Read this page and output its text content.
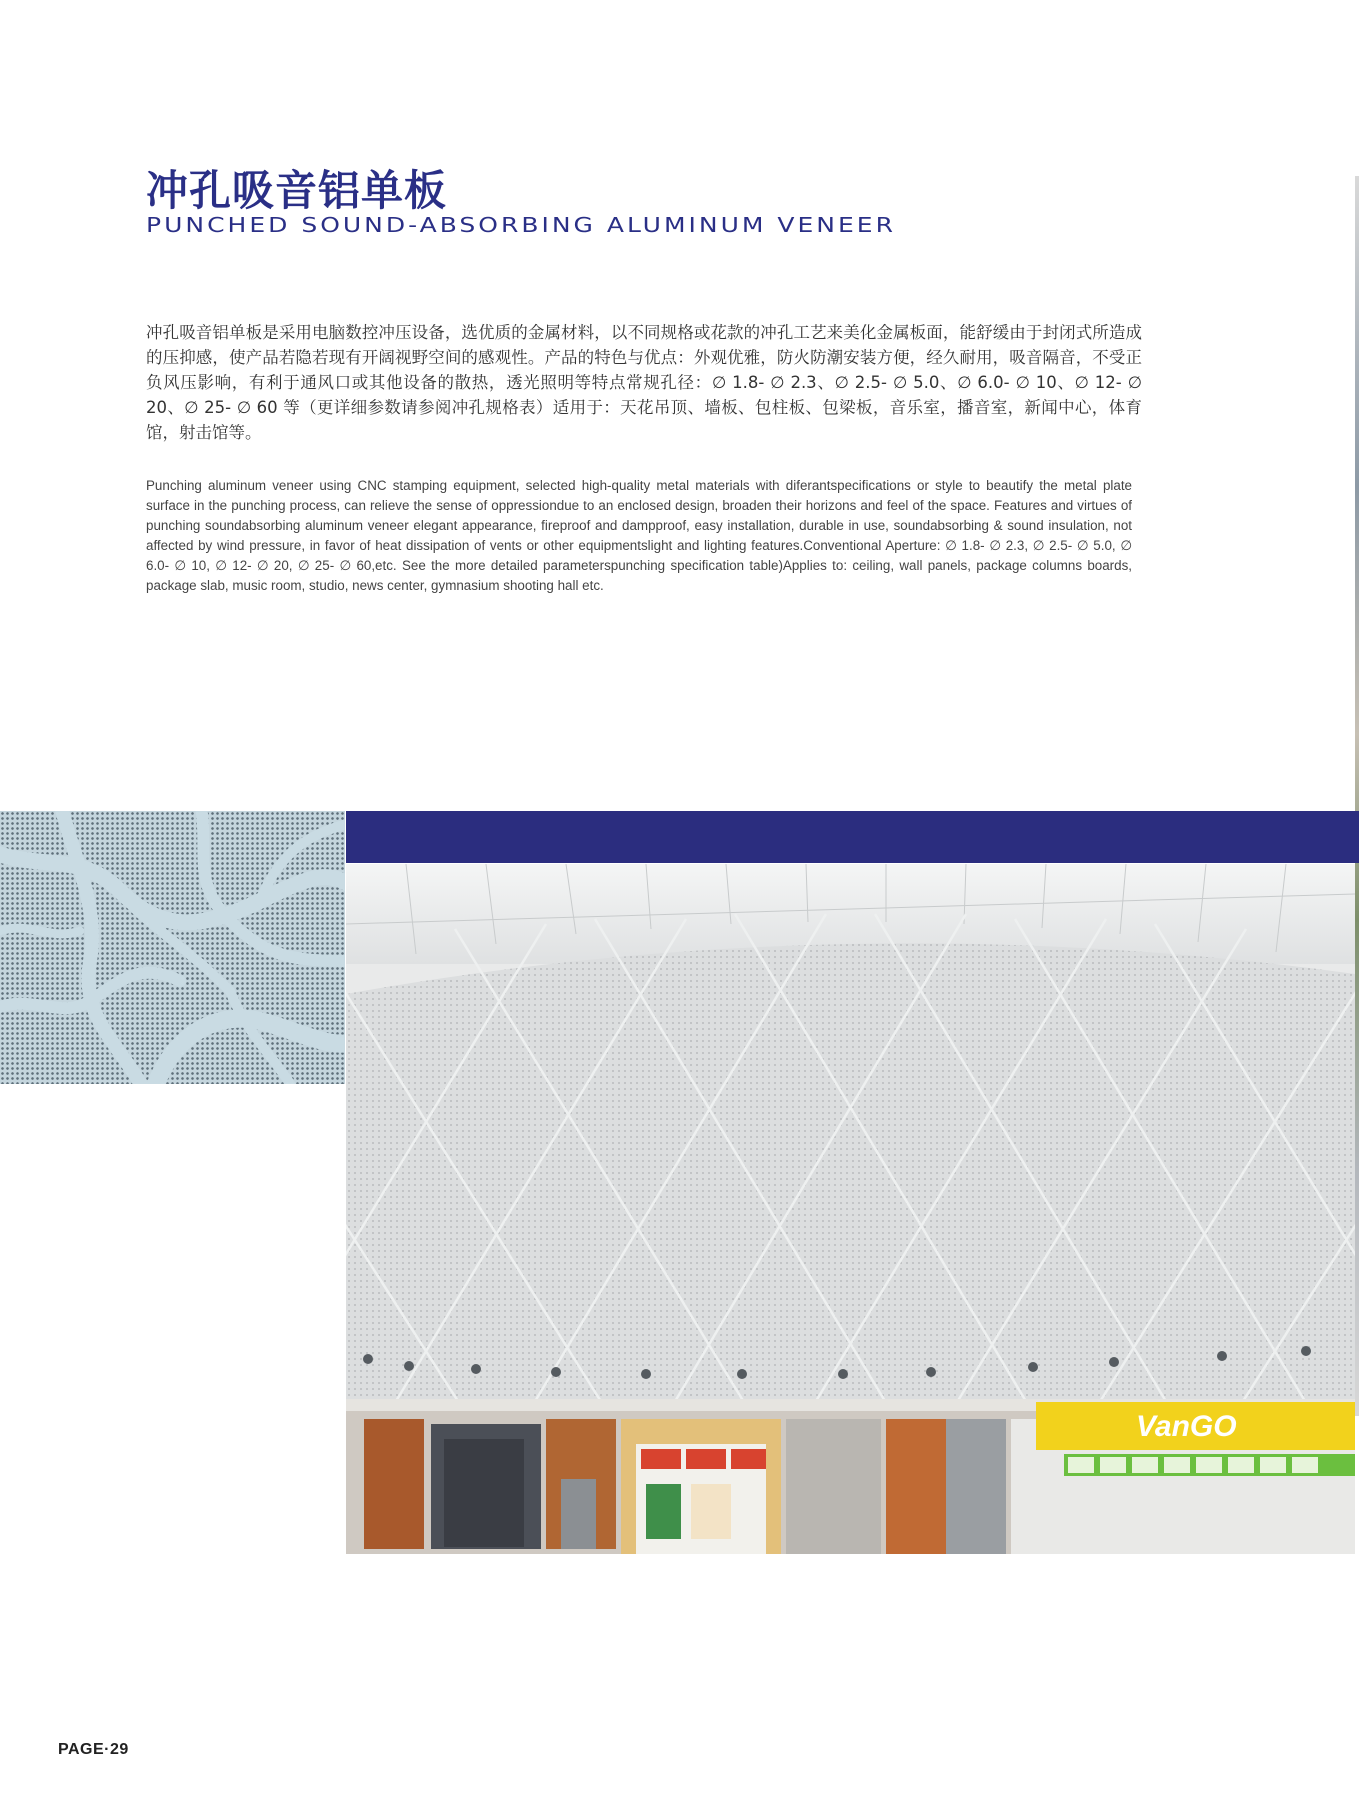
冲孔吸音铝单板
PUNCHED SOUND-ABSORBING ALUMINUM VENEER

冲孔吸音铝单板是采用电脑数控冲压设备，选优质的金属材料，以不同规格或花款的冲孔工艺来美化金属板面，能舒缓由于封闭式所造成的压抑感，使产品若隐若现有开阔视野空间的感观性。产品的特色与优点：外观优雅，防火防潮安装方便，经久耐用，吸音隔音，不受正负风压影响，有利于通风口或其他设备的散热，透光照明等特点常规孔径：∅ 1.8- ∅ 2.3、∅ 2.5- ∅ 5.0、∅ 6.0- ∅ 10、∅ 12- ∅ 20、∅ 25- ∅ 60 等（更详细参数请参阅冲孔规格表）适用于：天花吊顶、墙板、包柱板、包梁板，音乐室，播音室，新闻中心，体育馆，射击馆等。

Punching aluminum veneer using CNC stamping equipment, selected high-quality metal materials with diferantspecifications or style to beautify the metal plate surface in the punching process, can relieve the sense of oppressiondue to an enclosed design, broaden their horizons and feel of the space. Features and virtues of punching soundabsorbing aluminum veneer elegant appearance, fireproof and dampproof, easy installation, durable in use, soundabsorbing & sound insulation, not affected by wind pressure, in favor of heat dissipation of vents or other equipmentslight and lighting features.Conventional Aperture: ∅ 1.8- ∅ 2.3, ∅ 2.5- ∅ 5.0, ∅ 6.0- ∅ 10, ∅ 12- ∅ 20, ∅ 25- ∅ 60,etc. See the more detailed parameterspunching specification table)Applies to: ceiling, wall panels, package columns boards, package slab, music room, studio, news center, gymnasium shooting hall etc.

VanGO
PAGE·29
